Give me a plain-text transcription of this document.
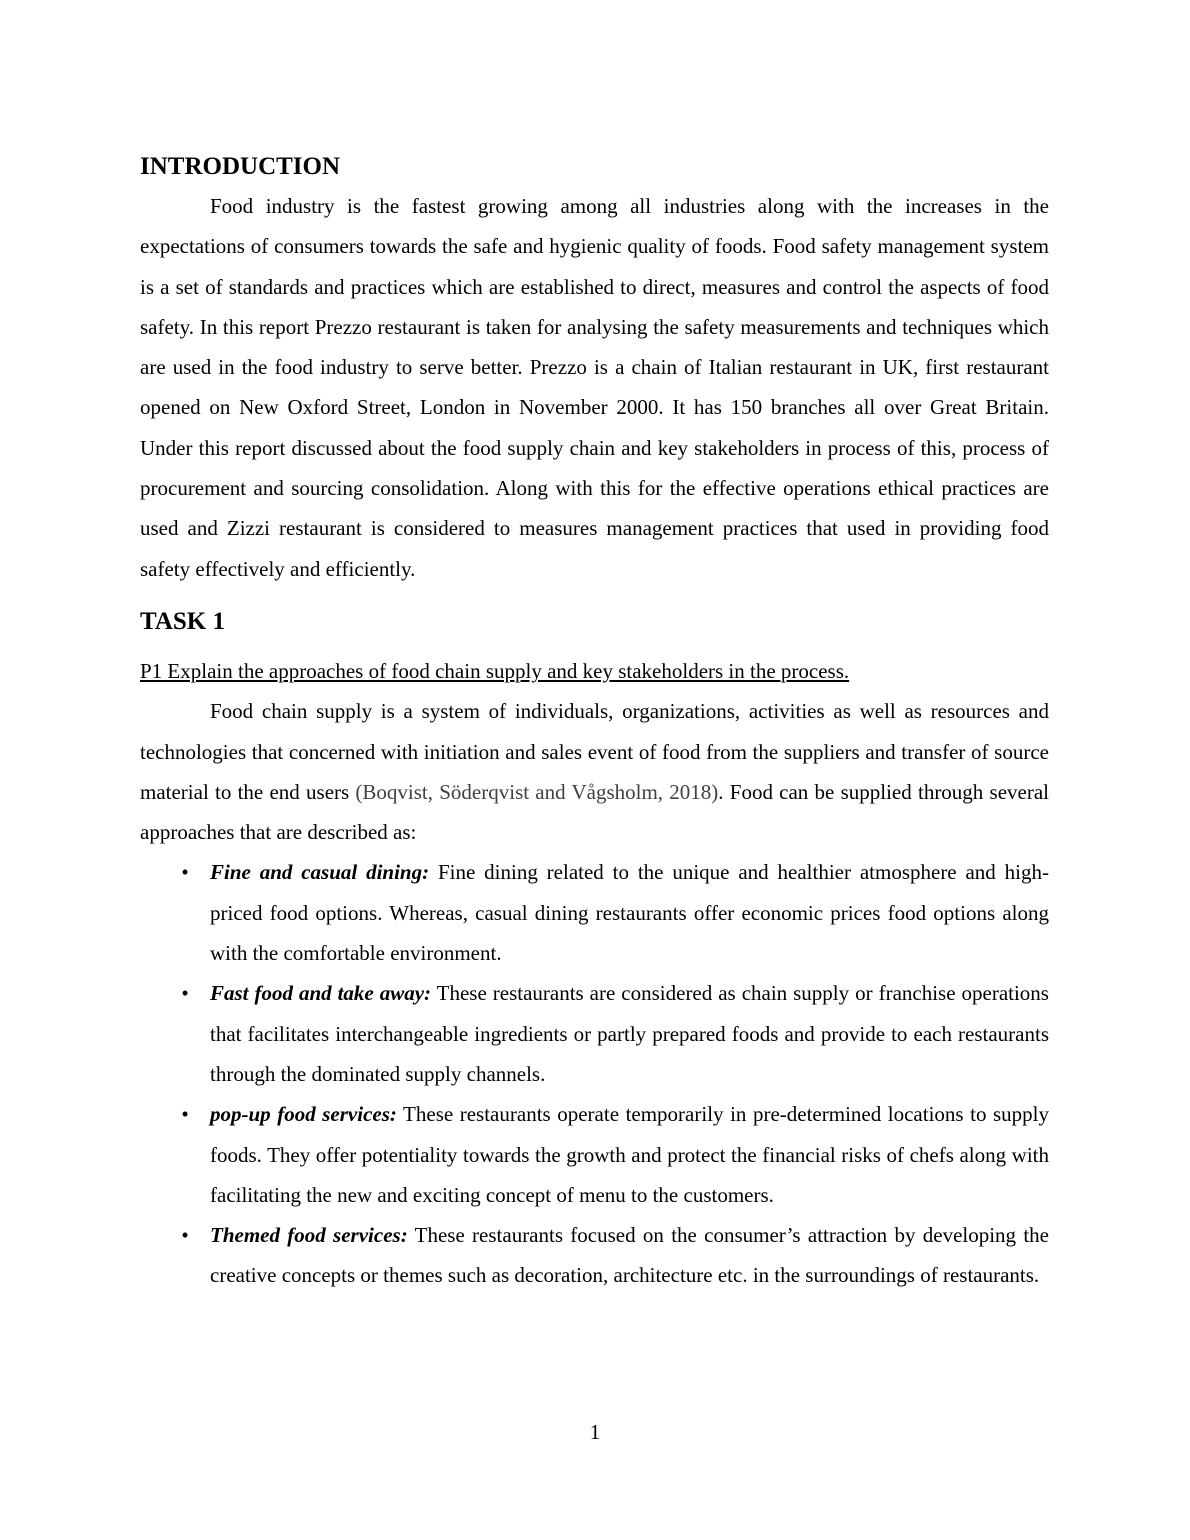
INTRODUCTION

Food industry is the fastest growing among all industries along with the increases in the expectations of consumers towards the safe and hygienic quality of foods. Food safety management system is a set of standards and practices which are established to direct, measures and control the aspects of food safety. In this report Prezzo restaurant is taken for analysing the safety measurements and techniques which are used in the food industry to serve better. Prezzo is a chain of Italian restaurant in UK, first restaurant opened on New Oxford Street, London in November 2000. It has 150 branches all over Great Britain. Under this report discussed about the food supply chain and key stakeholders in process of this, process of procurement and sourcing consolidation. Along with this for the effective operations ethical practices are used and Zizzi restaurant is considered to measures management practices that used in providing food safety effectively and efficiently.

TASK 1

P1 Explain the approaches of food chain supply and key stakeholders in the process.

Food chain supply is a system of individuals, organizations, activities as well as resources and technologies that concerned with initiation and sales event of food from the suppliers and transfer of source material to the end users (Boqvist, Söderqvist and Vågsholm, 2018). Food can be supplied through several approaches that are described as:

•	Fine and casual dining: Fine dining related to the unique and healthier atmosphere and high-priced food options. Whereas, casual dining restaurants offer economic prices food options along with the comfortable environment.
•	Fast food and take away: These restaurants are considered as chain supply or franchise operations that facilitates interchangeable ingredients or partly prepared foods and provide to each restaurants through the dominated supply channels.
•	pop-up food services: These restaurants operate temporarily in pre-determined locations to supply foods. They offer potentiality towards the growth and protect the financial risks of chefs along with facilitating the new and exciting concept of menu to the customers.
•	Themed food services: These restaurants focused on the consumer’s attraction by developing the creative concepts or themes such as decoration, architecture etc. in the surroundings of restaurants.
1
